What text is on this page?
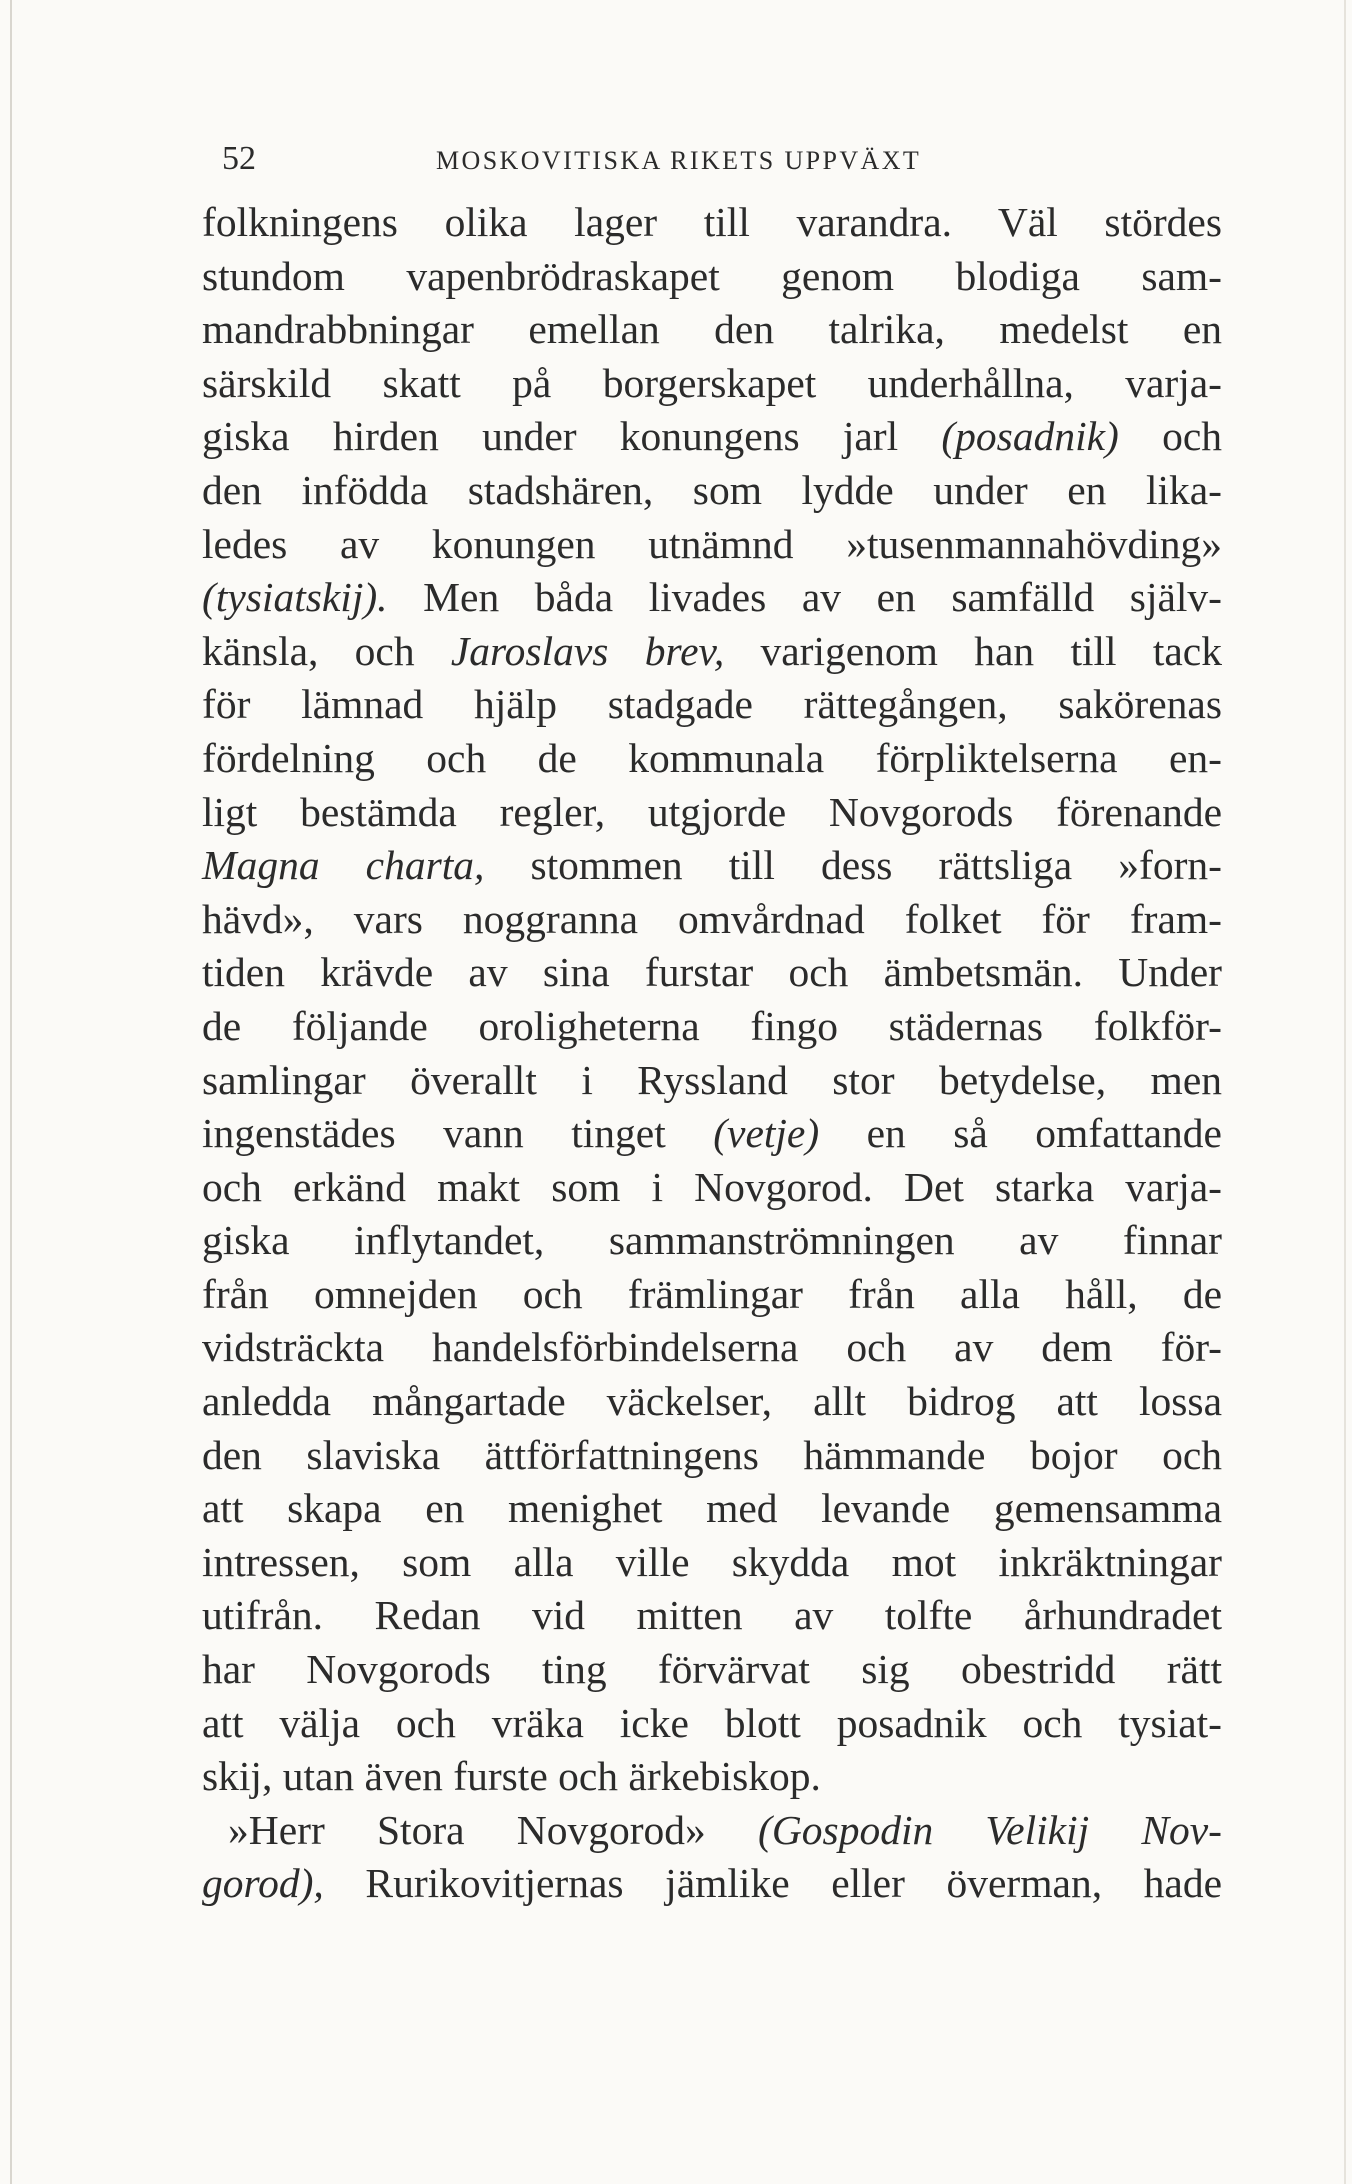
52	MOSKOVITISKA RIKETS UPPVÄXT
folkningens olika lager till varandra. Väl stördes
stundom vapenbrödraskapet genom blodiga sam-
mandrabbningar emellan den talrika, medelst en
särskild skatt på borgerskapet underhållna, varja-
giska hirden under konungens jarl (posadnik) och
den infödda stadshären, som lydde under en lika-
ledes av konungen utnämnd »tusenmannahövding»
(tysiatskij). Men båda livades av en samfälld själv-
känsla, och Jaroslavs brev, varigenom han till tack
för lämnad hjälp stadgade rättegången, sakörenas
fördelning och de kommunala förpliktelserna en-
ligt bestämda regler, utgjorde Novgorods förenande
Magna charta, stommen till dess rättsliga »forn-
hävd», vars noggranna omvårdnad folket för fram-
tiden krävde av sina furstar och ämbetsmän. Under
de följande oroligheterna fingo städernas folkför-
samlingar överallt i Ryssland stor betydelse, men
ingenstädes vann tinget (vetje) en så omfattande
och erkänd makt som i Novgorod. Det starka varja-
giska inflytandet, sammanströmningen av finnar
från omnejden och främlingar från alla håll, de
vidsträckta handelsförbindelserna och av dem för-
anledda mångartade väckelser, allt bidrog att lossa
den slaviska ättförfattningens hämmande bojor och
att skapa en menighet med levande gemensamma
intressen, som alla ville skydda mot inkräktningar
utifrån. Redan vid mitten av tolfte århundradet
har Novgorods ting förvärvat sig obestridd rätt
att välja och vräka icke blott posadnik och tysiat-
skij, utan även furste och ärkebiskop.
»Herr Stora Novgorod» (Gospodin Velikij Nov-
gorod), Rurikovitjernas jämlike eller överman, hade
